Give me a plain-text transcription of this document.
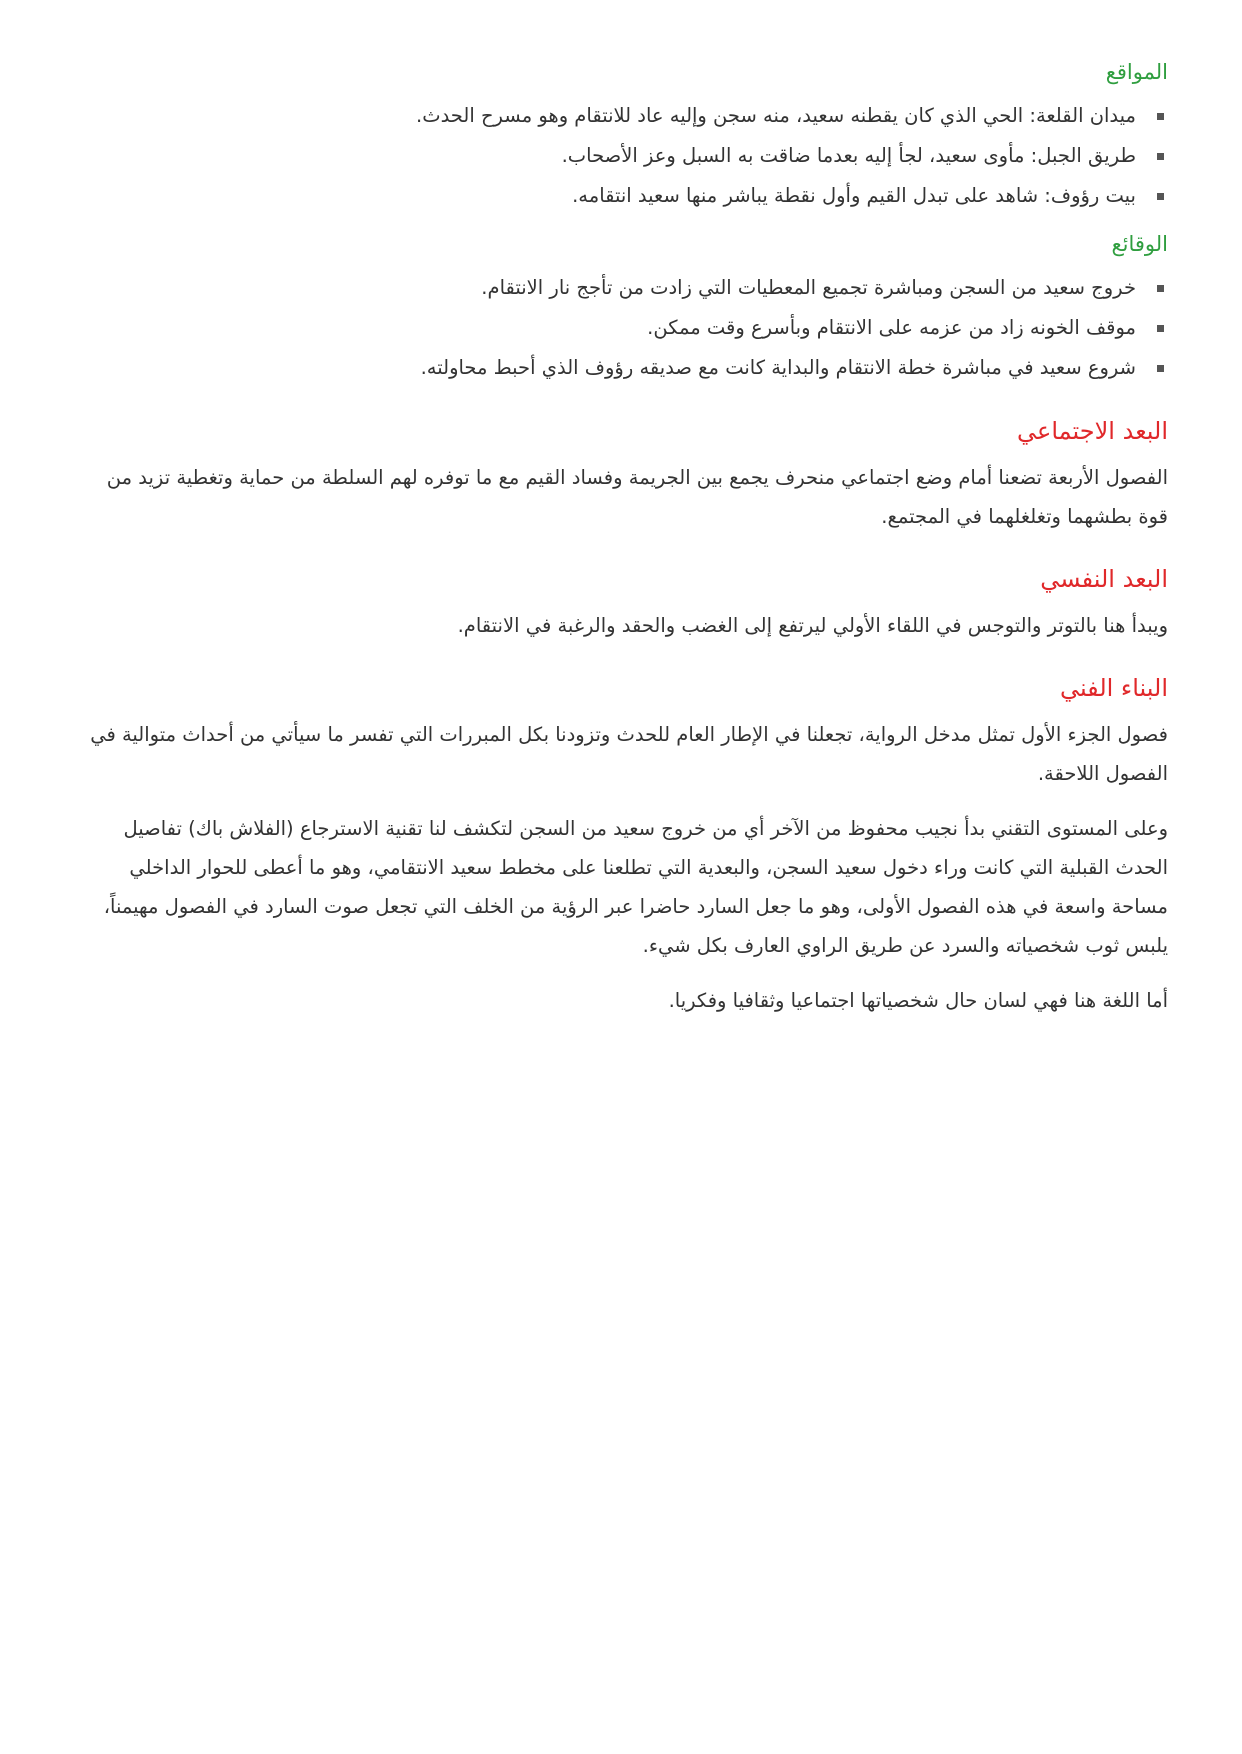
المواقع
ميدان القلعة: الحي الذي كان يقطنه سعيد، منه سجن وإليه عاد للانتقام وهو مسرح الحدث.
طريق الجبل: مأوى سعيد، لجأ إليه بعدما ضاقت به السبل وعز الأصحاب.
بيت رؤوف: شاهد على تبدل القيم وأول نقطة يباشر منها سعيد انتقامه.
الوقائع
خروج سعيد من السجن ومباشرة تجميع المعطيات التي زادت من تأجج نار الانتقام.
موقف الخونه زاد من عزمه على الانتقام وبأسرع وقت ممكن.
شروع سعيد في مباشرة خطة الانتقام والبداية كانت مع صديقه رؤوف الذي أحبط محاولته.
البعد الاجتماعي

الفصول الأربعة تضعنا أمام وضع اجتماعي منحرف يجمع بين الجريمة وفساد القيم مع ما توفره لهم السلطة من حماية وتغطية تزيد من قوة بطشهما وتغلغلهما في المجتمع.

البعد النفسي

ويبدأ هنا بالتوتر والتوجس في اللقاء الأولي ليرتفع إلى الغضب والحقد والرغبة في الانتقام.

البناء الفني

فصول الجزء الأول تمثل مدخل الرواية، تجعلنا في الإطار العام للحدث وتزودنا بكل المبررات التي تفسر ما سيأتي من أحداث متوالية في الفصول اللاحقة.

وعلى المستوى التقني بدأ نجيب محفوظ من الآخر أي من خروج سعيد من السجن لتكشف لنا تقنية الاسترجاع (الفلاش باك) تفاصيل الحدث القبلية التي كانت وراء دخول سعيد السجن، والبعدية التي تطلعنا على مخطط سعيد الانتقامي، وهو ما أعطى للحوار الداخلي مساحة واسعة في هذه الفصول الأولى، وهو ما جعل السارد حاضرا عبر الرؤية من الخلف التي تجعل صوت السارد في الفصول مهيمناً، يلبس ثوب شخصياته والسرد عن طريق الراوي العارف بكل شيء.

أما اللغة هنا فهي لسان حال شخصياتها اجتماعيا وثقافيا وفكريا.
